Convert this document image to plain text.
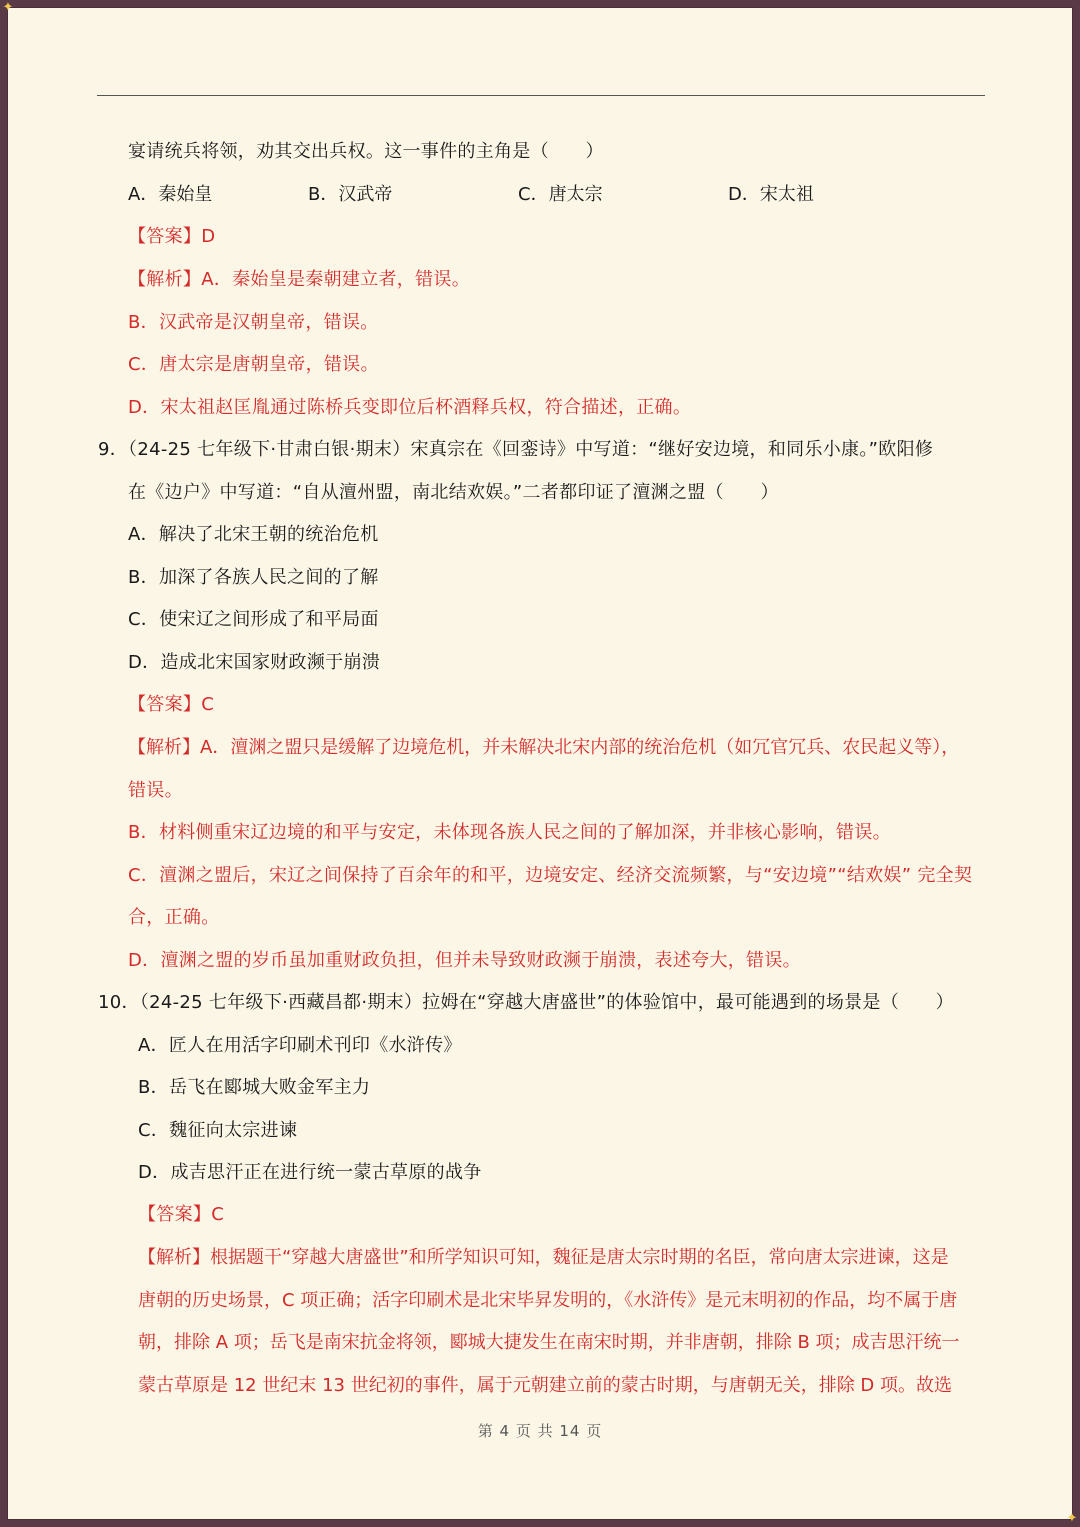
✦
✦
宴请统兵将领，劝其交出兵权。这一事件的主角是（　　）
A．秦始皇	B．汉武帝	C．唐太宗	D．宋太祖
【答案】D
【解析】A．秦始皇是秦朝建立者，错误。
B．汉武帝是汉朝皇帝，错误。
C．唐太宗是唐朝皇帝，错误。
D．宋太祖赵匡胤通过陈桥兵变即位后杯酒释兵权，符合描述，正确。
9．（24-25 七年级下·甘肃白银·期末）宋真宗在《回銮诗》中写道：“继好安边境，和同乐小康。”欧阳修
在《边户》中写道：“自从澶州盟，南北结欢娱。”二者都印证了澶渊之盟（　　）
A．解决了北宋王朝的统治危机
B．加深了各族人民之间的了解
C．使宋辽之间形成了和平局面
D．造成北宋国家财政濒于崩溃
【答案】C
【解析】A．澶渊之盟只是缓解了边境危机，并未解决北宋内部的统治危机（如冗官冗兵、农民起义等），
错误。
B．材料侧重宋辽边境的和平与安定，未体现各族人民之间的了解加深，并非核心影响，错误。
C．澶渊之盟后，宋辽之间保持了百余年的和平，边境安定、经济交流频繁，与“安边境”“结欢娱” 完全契
合，正确。
D．澶渊之盟的岁币虽加重财政负担，但并未导致财政濒于崩溃，表述夸大，错误。
10．（24-25 七年级下·西藏昌都·期末）拉姆在“穿越大唐盛世”的体验馆中，最可能遇到的场景是（　　）
A．匠人在用活字印刷术刊印《水浒传》
B．岳飞在郾城大败金军主力
C．魏征向太宗进谏
D．成吉思汗正在进行统一蒙古草原的战争
【答案】C
【解析】根据题干“穿越大唐盛世”和所学知识可知，魏征是唐太宗时期的名臣，常向唐太宗进谏，这是
唐朝的历史场景，C 项正确；活字印刷术是北宋毕昇发明的，《水浒传》是元末明初的作品，均不属于唐
朝，排除 A 项；岳飞是南宋抗金将领，郾城大捷发生在南宋时期，并非唐朝，排除 B 项；成吉思汗统一
蒙古草原是 12 世纪末 13 世纪初的事件，属于元朝建立前的蒙古时期，与唐朝无关，排除 D 项。故选
第 4 页 共 14 页
